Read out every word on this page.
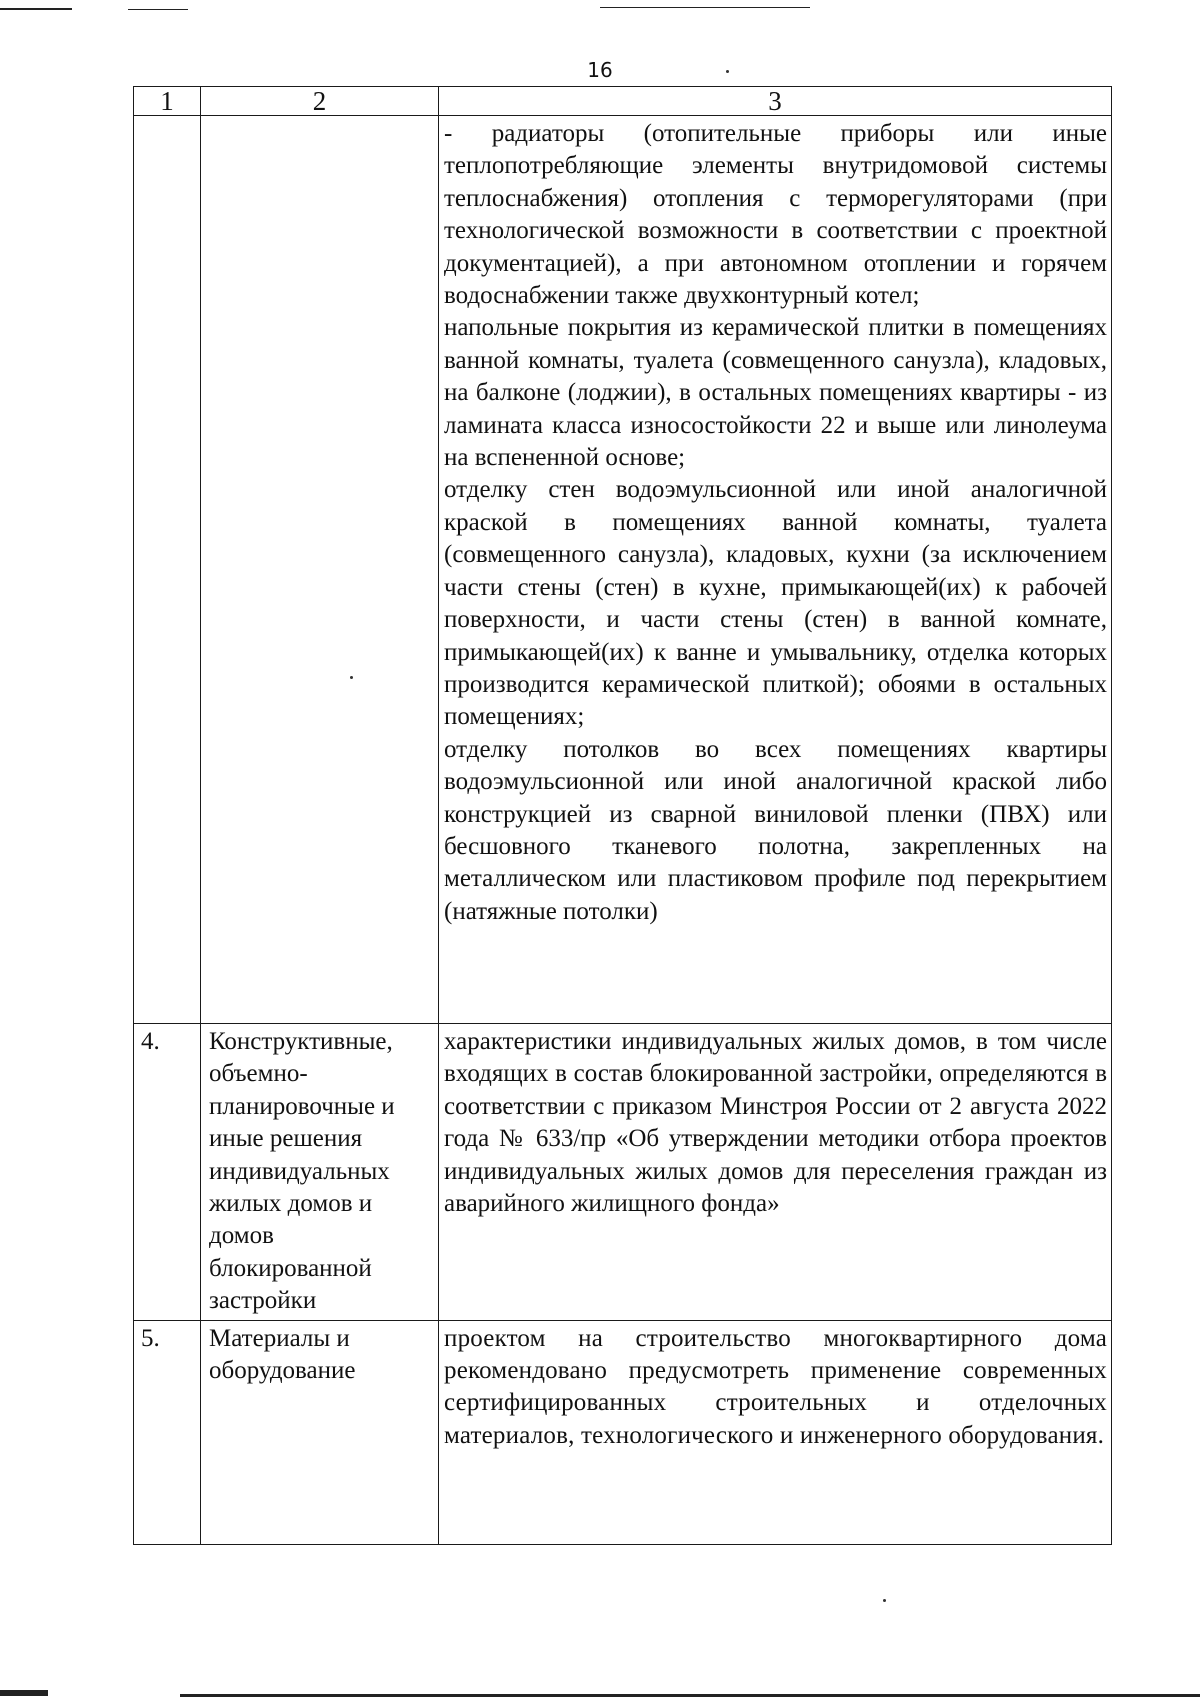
16
1	2	3

		- радиаторы (отопительные приборы или иные теплопотребляющие элементы внутридомовой системы теплоснабжения) отопления с терморегуляторами (при технологической возможности в соответствии с проектной документацией), а при автономном отоплении и горячем водоснабжении также двухконтурный котел;
напольные покрытия из керамической плитки в помещениях ванной комнаты, туалета (совмещенного санузла), кладовых, на балконе (лоджии), в остальных помещениях квартиры - из ламината класса износостойкости 22 и выше или линолеума на вспененной основе;
отделку стен водоэмульсионной или иной аналогичной краской в помещениях ванной комнаты, туалета (совмещенного санузла), кладовых, кухни (за исключением части стены (стен) в кухне, примыкающей(их) к рабочей поверхности, и части стены (стен) в ванной комнате, примыкающей(их) к ванне и умывальнику, отделка которых производится керамической плиткой); обоями в остальных помещениях;
отделку потолков во всех помещениях квартиры водоэмульсионной или иной аналогичной краской либо конструкцией из сварной виниловой пленки (ПВХ) или бесшовного тканевого полотна, закрепленных на металлическом или пластиковом профиле под перекрытием (натяжные потолки)

4.	Конструктивные, объемно-планировочные и иные решения индивидуальных жилых домов и домов блокированной застройки	характеристики индивидуальных жилых домов, в том числе входящих в состав блокированной застройки, определяются в соответствии с приказом Минстроя России от 2 августа 2022 года № 633/пр «Об утверждении методики отбора проектов индивидуальных жилых домов для переселения граждан из аварийного жилищного фонда»

5.	Материалы и оборудование	проектом на строительство многоквартирного дома рекомендовано предусмотреть применение современных сертифицированных строительных и отделочных материалов, технологического и инженерного оборудования.
